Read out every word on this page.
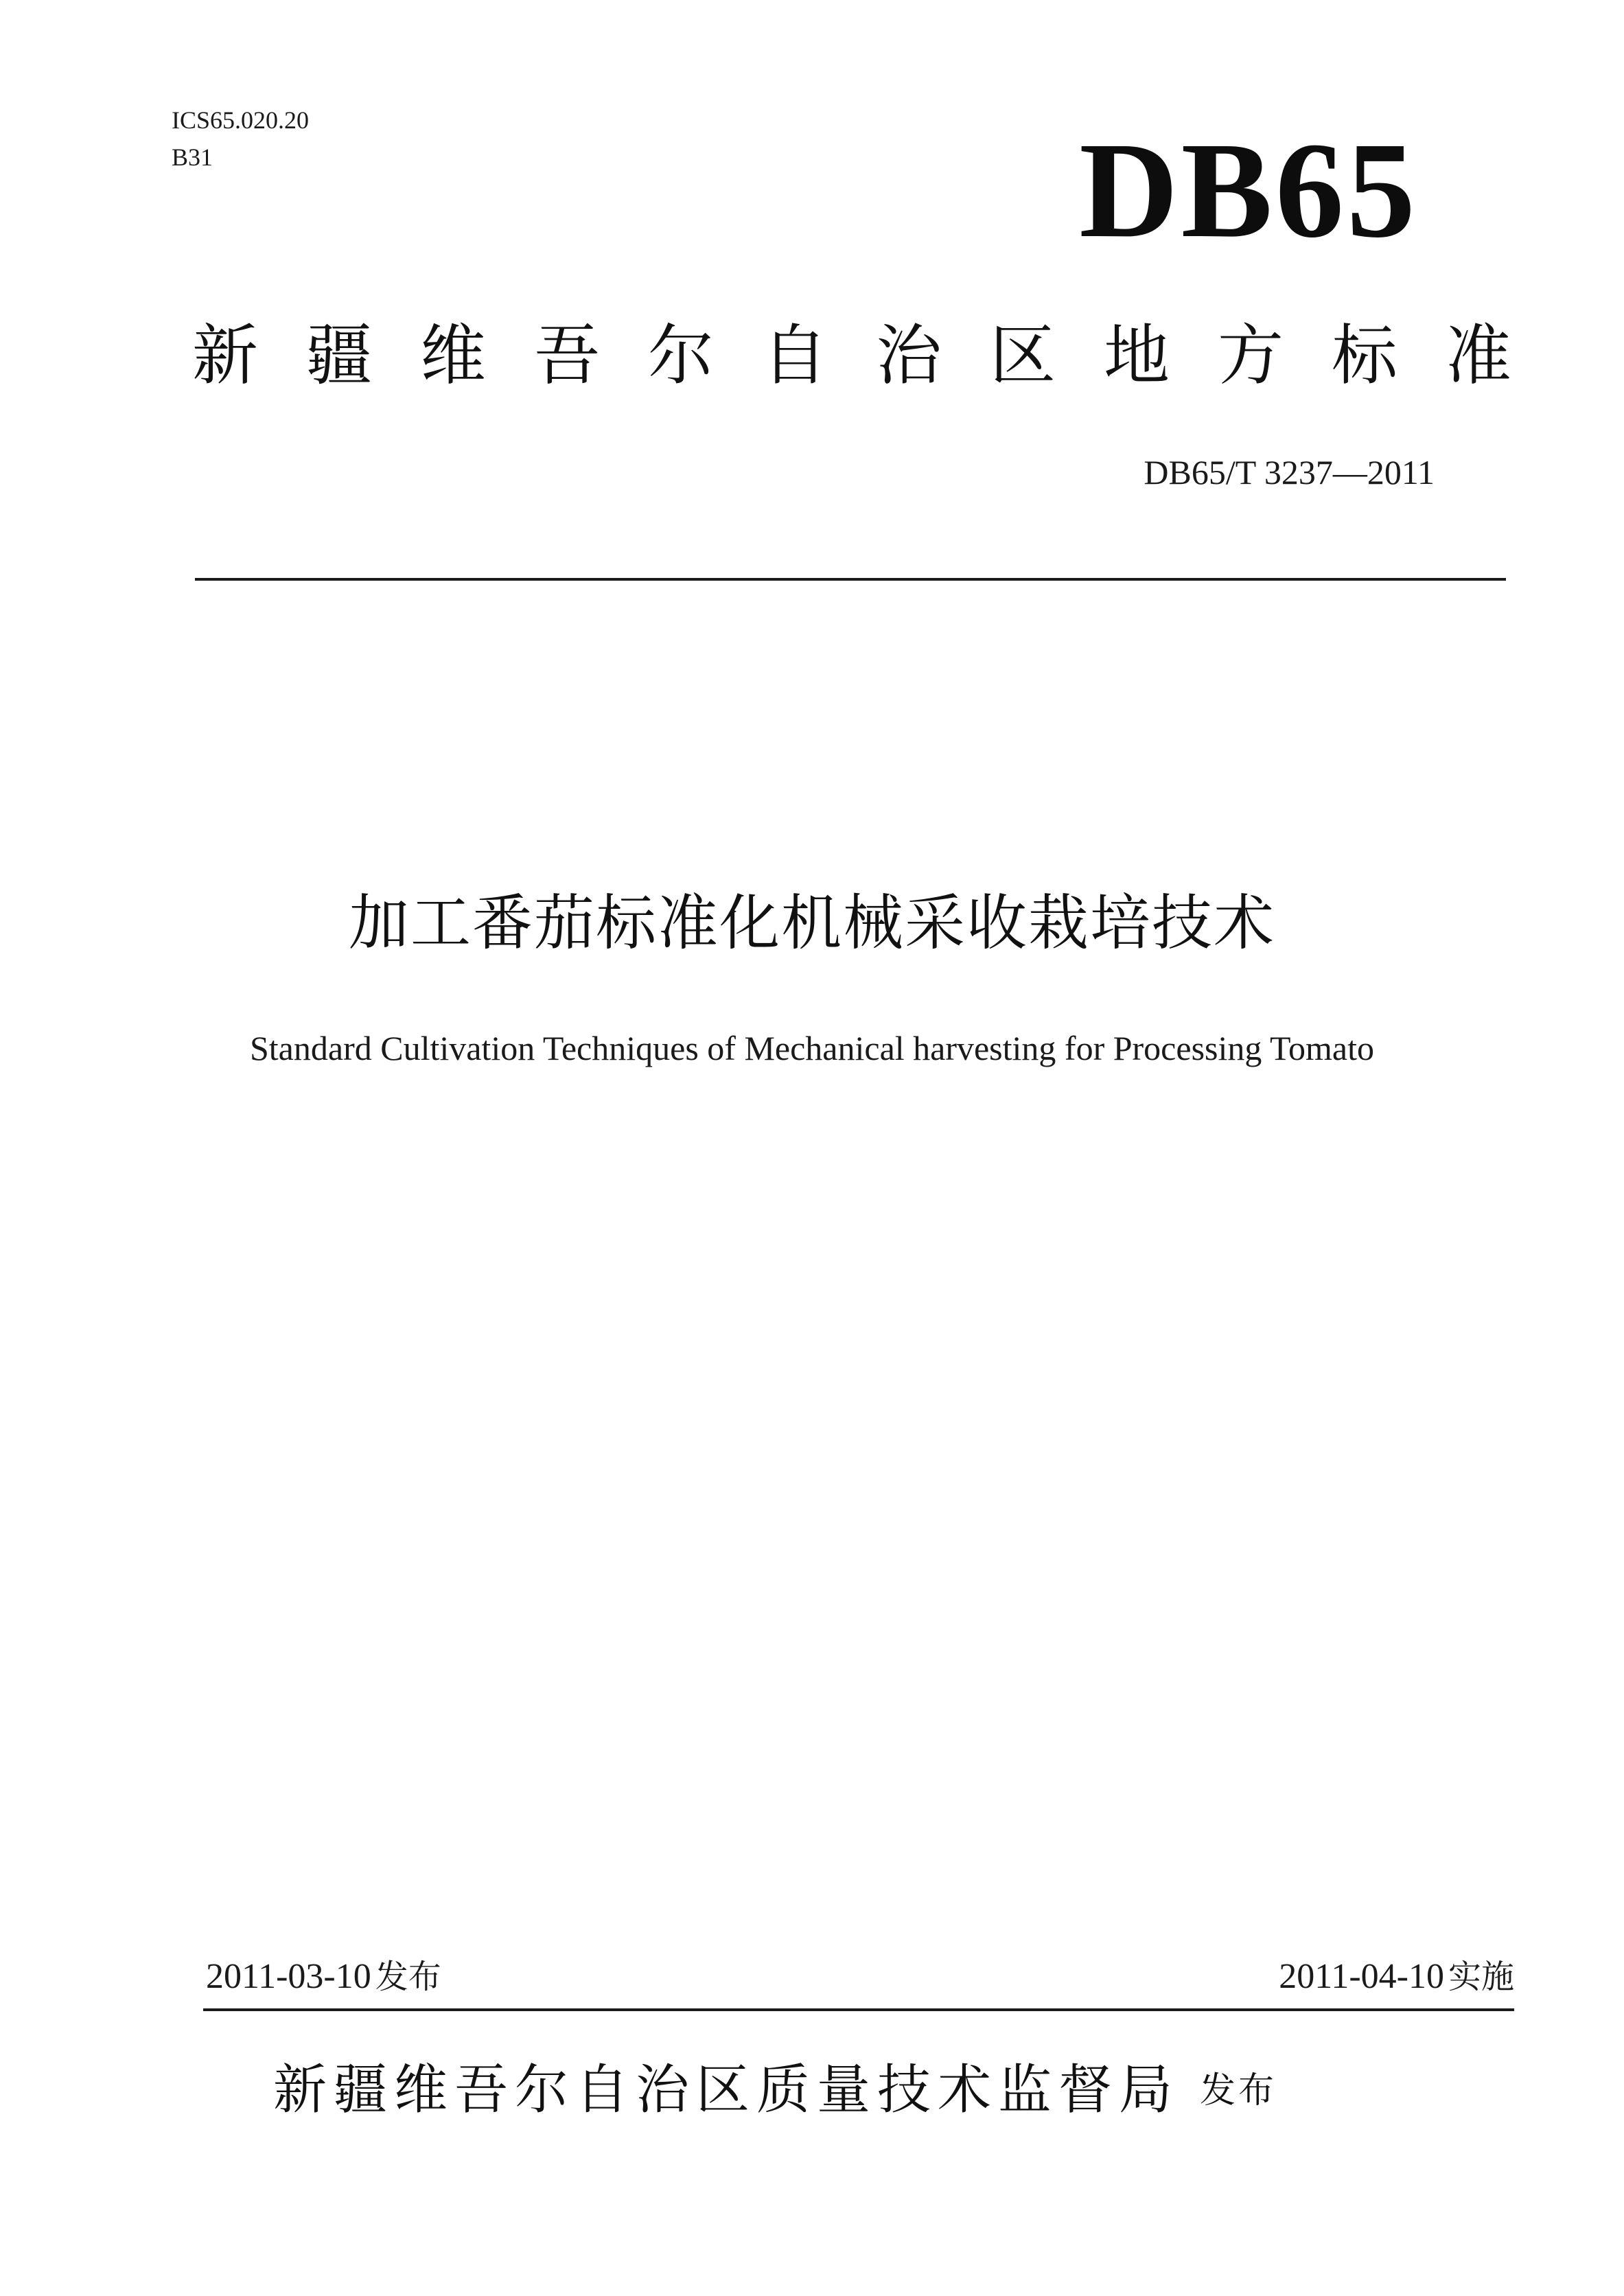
ICS65.020.20
B31	DB65
新疆维吾尔自治区地方标准
DB65/T 3237—2011
加工番茄标准化机械采收栽培技术
Standard Cultivation Techniques of Mechanical harvesting for Processing Tomato
2011-03-10 发布	2011-04-10 实施
新疆维吾尔自治区质量技术监督局 发布
